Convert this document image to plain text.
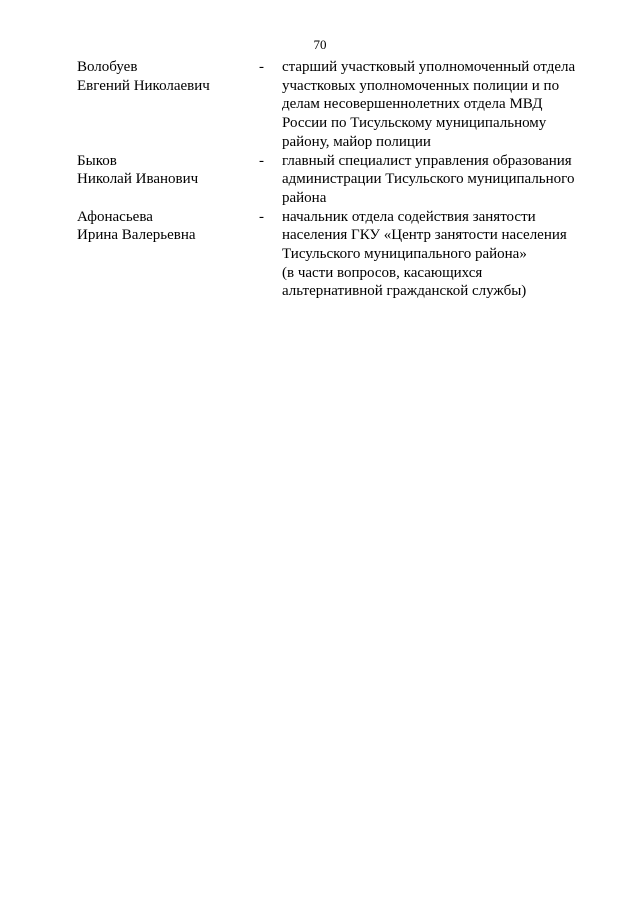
70
Волобуев
Евгений Николаевич
- старший участковый уполномоченный отдела
участковых уполномоченных полиции и по
делам несовершеннолетних отдела МВД
России по Тисульскому муниципальному
району, майор полиции
Быков
Николай Иванович
- главный специалист управления образования
администрации Тисульского муниципального
района
Афонасьева
Ирина Валерьевна
- начальник отдела содействия занятости
населения ГКУ «Центр занятости населения
Тисульского муниципального района»
(в части вопросов, касающихся
альтернативной гражданской службы)
